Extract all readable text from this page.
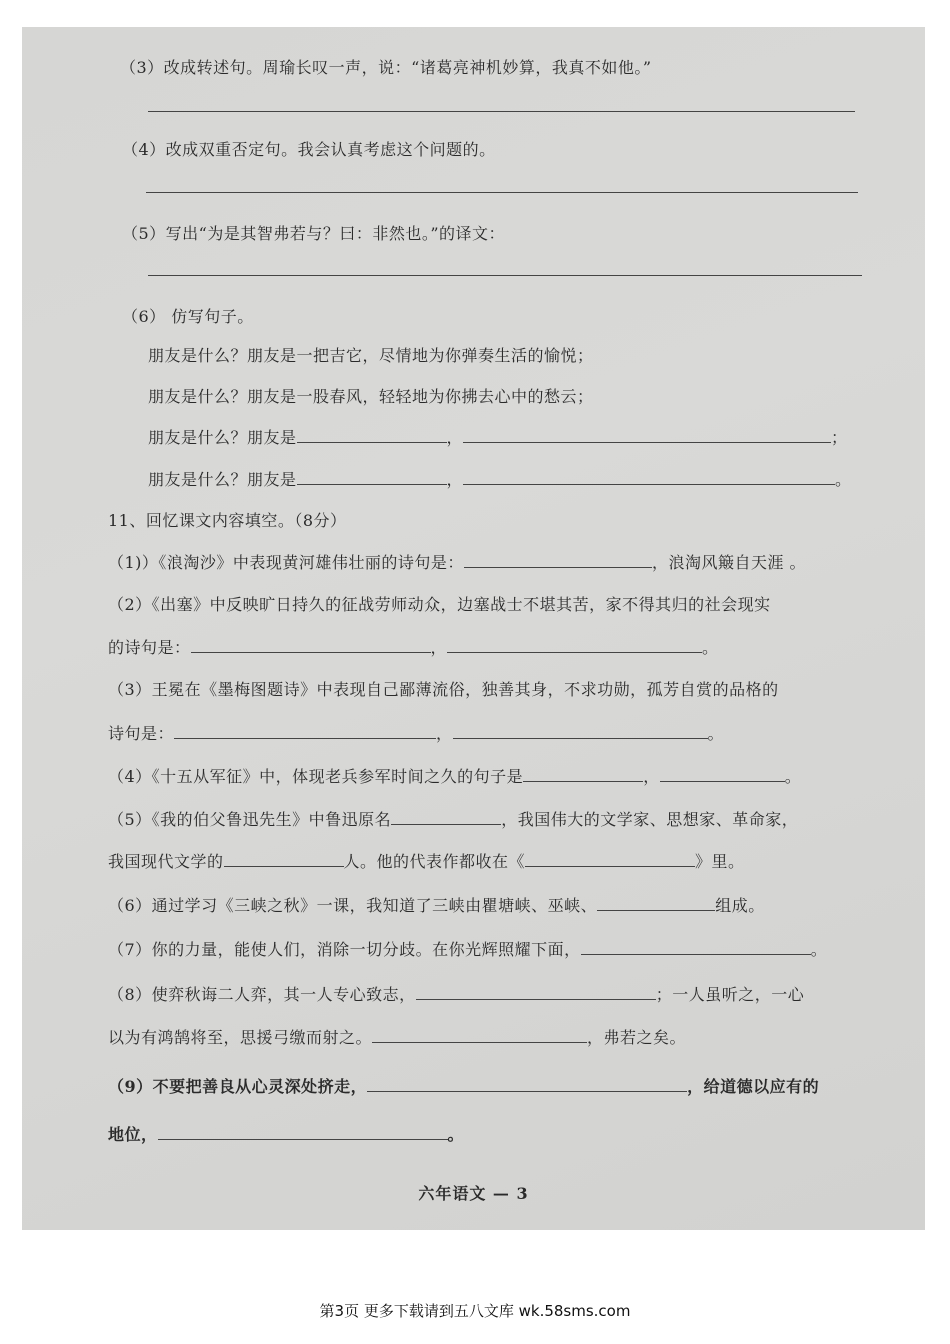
（3）改成转述句。周瑜长叹一声，说：“诸葛亮神机妙算，我真不如他。”
（4）改成双重否定句。我会认真考虑这个问题的。
（5）写出“为是其智弗若与？曰：非然也。”的译文：
（6） 仿写句子。
朋友是什么？朋友是一把吉它，尽情地为你弹奏生活的愉悦；
朋友是什么？朋友是一股春风，轻轻地为你拂去心中的愁云；
朋友是什么？朋友是	，	；
朋友是什么？朋友是	，	。
11、回忆课文内容填空。（8分）
（1)）《浪淘沙》中表现黄河雄伟壮丽的诗句是：	，浪淘风簸自天涯 。
（2）《出塞》中反映旷日持久的征战劳师动众，边塞战士不堪其苦，家不得其归的社会现实
的诗句是：	，	。
（3）王冕在《墨梅图题诗》中表现自己鄙薄流俗，独善其身，不求功勋，孤芳自赏的品格的
诗句是：	，	。
（4）《十五从军征》中，体现老兵参军时间之久的句子是	，	。
（5）《我的伯父鲁迅先生》中鲁迅原名	，我国伟大的文学家、思想家、革命家，
我国现代文学的	人。他的代表作都收在《	》里。
（6）通过学习《三峡之秋》一课，我知道了三峡由瞿塘峡、巫峡、	组成。
（7）你的力量，能使人们，消除一切分歧。在你光辉照耀下面，	。
（8）使弈秋诲二人弈，其一人专心致志，	；一人虽听之，一心
以为有鸿鹄将至，思援弓缴而射之。	，弗若之矣。
（9）不要把善良从心灵深处挤走，	，给道德以应有的
地位，	。
六年语文 — 3
第3页 更多下载请到五八文库 wk.58sms.com
